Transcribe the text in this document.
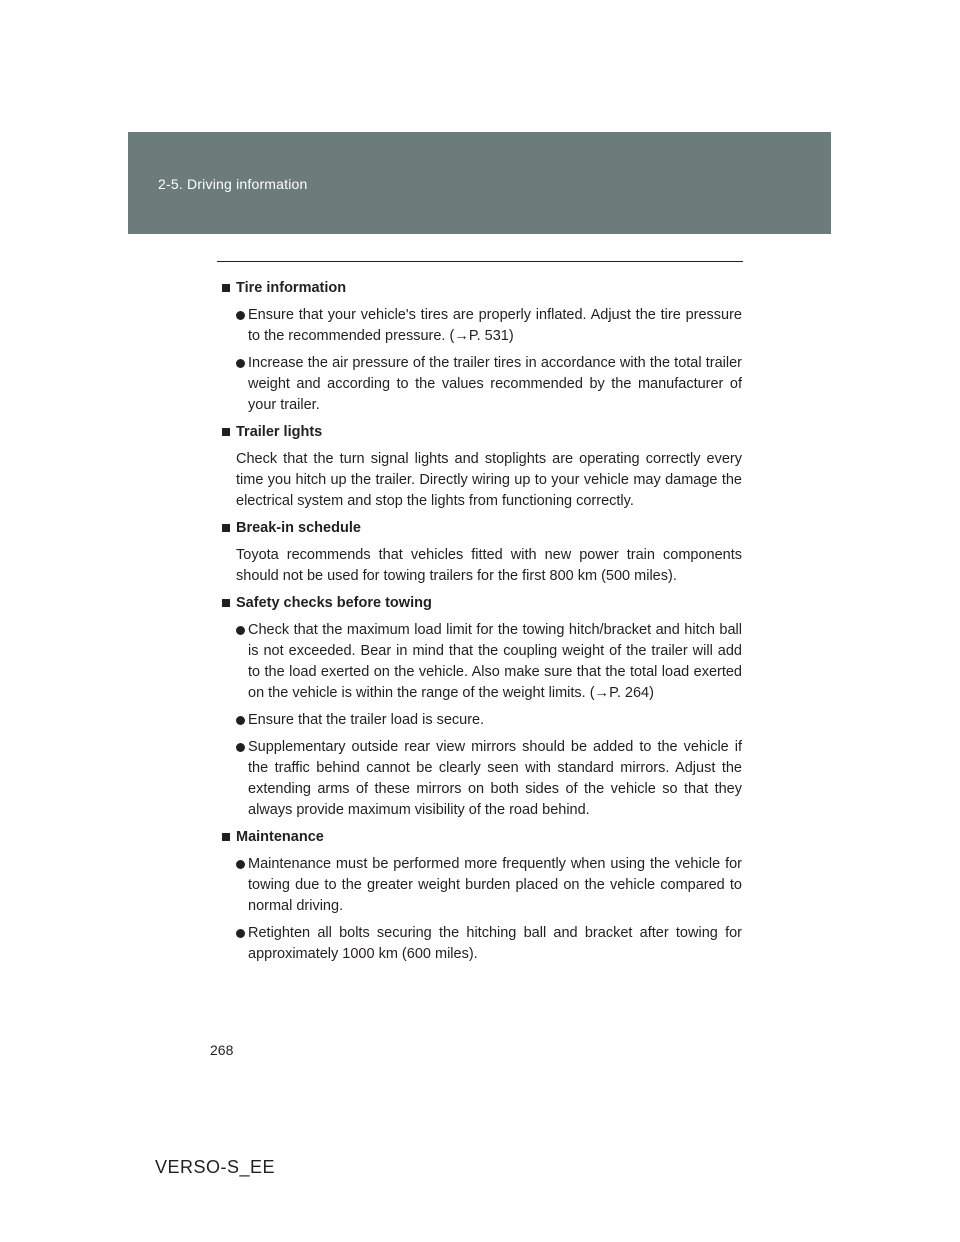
2-5. Driving information
Tire information
Ensure that your vehicle's tires are properly inflated. Adjust the tire pressure to the recommended pressure. (→P. 531)
Increase the air pressure of the trailer tires in accordance with the total trailer weight and according to the values recommended by the manufacturer of your trailer.
Trailer lights
Check that the turn signal lights and stoplights are operating correctly every time you hitch up the trailer. Directly wiring up to your vehicle may damage the electrical system and stop the lights from functioning correctly.
Break-in schedule
Toyota recommends that vehicles fitted with new power train components should not be used for towing trailers for the first 800 km (500 miles).
Safety checks before towing
Check that the maximum load limit for the towing hitch/bracket and hitch ball is not exceeded. Bear in mind that the coupling weight of the trailer will add to the load exerted on the vehicle. Also make sure that the total load exerted on the vehicle is within the range of the weight limits. (→P. 264)
Ensure that the trailer load is secure.
Supplementary outside rear view mirrors should be added to the vehicle if the traffic behind cannot be clearly seen with standard mirrors. Adjust the extending arms of these mirrors on both sides of the vehicle so that they always provide maximum visibility of the road behind.
Maintenance
Maintenance must be performed more frequently when using the vehicle for towing due to the greater weight burden placed on the vehicle compared to normal driving.
Retighten all bolts securing the hitching ball and bracket after towing for approximately 1000 km (600 miles).
268
VERSO-S_EE
